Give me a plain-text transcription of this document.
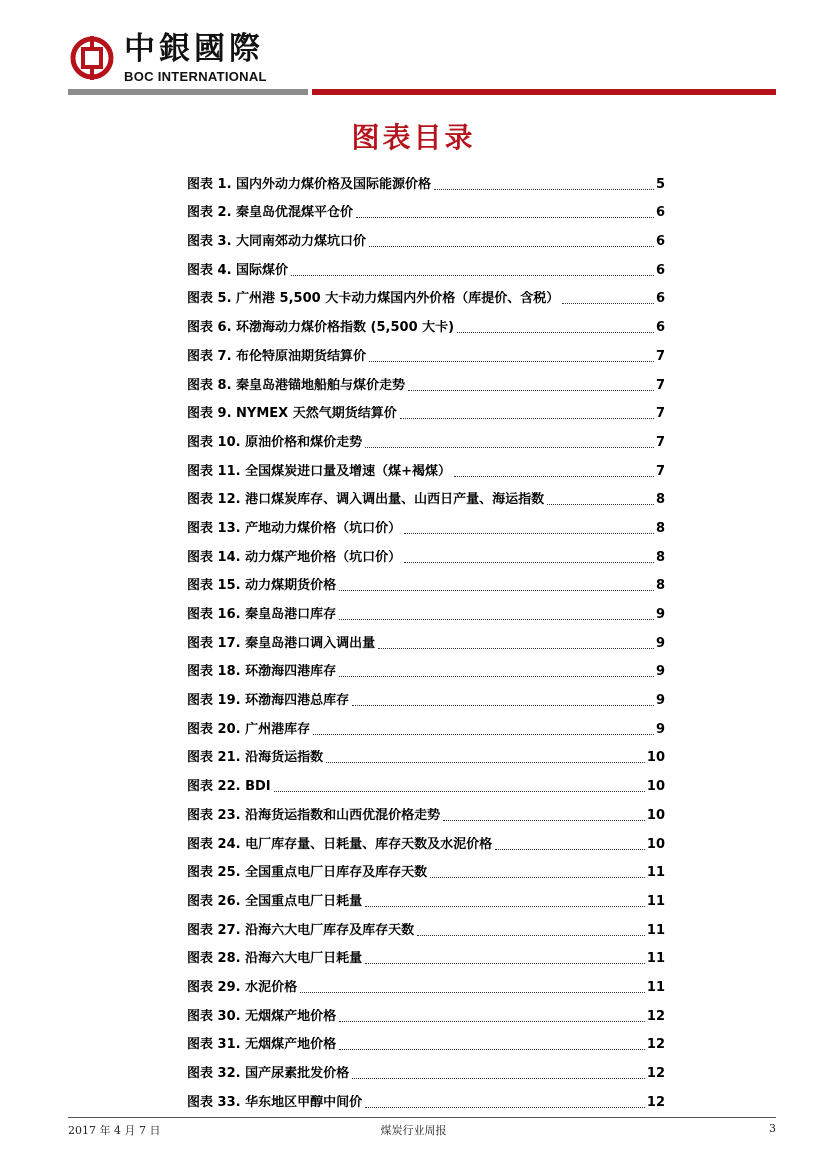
中銀國際
BOC INTERNATIONAL
图表目录
图表 1. 国内外动力煤价格及国际能源价格	5
图表 2. 秦皇岛优混煤平仓价	6
图表 3. 大同南郊动力煤坑口价	6
图表 4. 国际煤价	6
图表 5. 广州港 5,500 大卡动力煤国内外价格（库提价、含税）	6
图表 6. 环渤海动力煤价格指数 (5,500 大卡)	6
图表 7. 布伦特原油期货结算价	7
图表 8. 秦皇岛港锚地船舶与煤价走势	7
图表 9. NYMEX 天然气期货结算价	7
图表 10. 原油价格和煤价走势	7
图表 11. 全国煤炭进口量及增速（煤+褐煤）	7
图表 12. 港口煤炭库存、调入调出量、山西日产量、海运指数	8
图表 13. 产地动力煤价格（坑口价）	8
图表 14. 动力煤产地价格（坑口价）	8
图表 15. 动力煤期货价格	8
图表 16. 秦皇岛港口库存	9
图表 17. 秦皇岛港口调入调出量	9
图表 18. 环渤海四港库存	9
图表 19. 环渤海四港总库存	9
图表 20. 广州港库存	9
图表 21. 沿海货运指数	10
图表 22. BDI	10
图表 23. 沿海货运指数和山西优混价格走势	10
图表 24. 电厂库存量、日耗量、库存天数及水泥价格	10
图表 25. 全国重点电厂日库存及库存天数	11
图表 26. 全国重点电厂日耗量	11
图表 27. 沿海六大电厂库存及库存天数	11
图表 28. 沿海六大电厂日耗量	11
图表 29. 水泥价格	11
图表 30. 无烟煤产地价格	12
图表 31. 无烟煤产地价格	12
图表 32. 国产尿素批发价格	12
图表 33. 华东地区甲醇中间价	12
2017 年 4 月 7 日	煤炭行业周报	3
